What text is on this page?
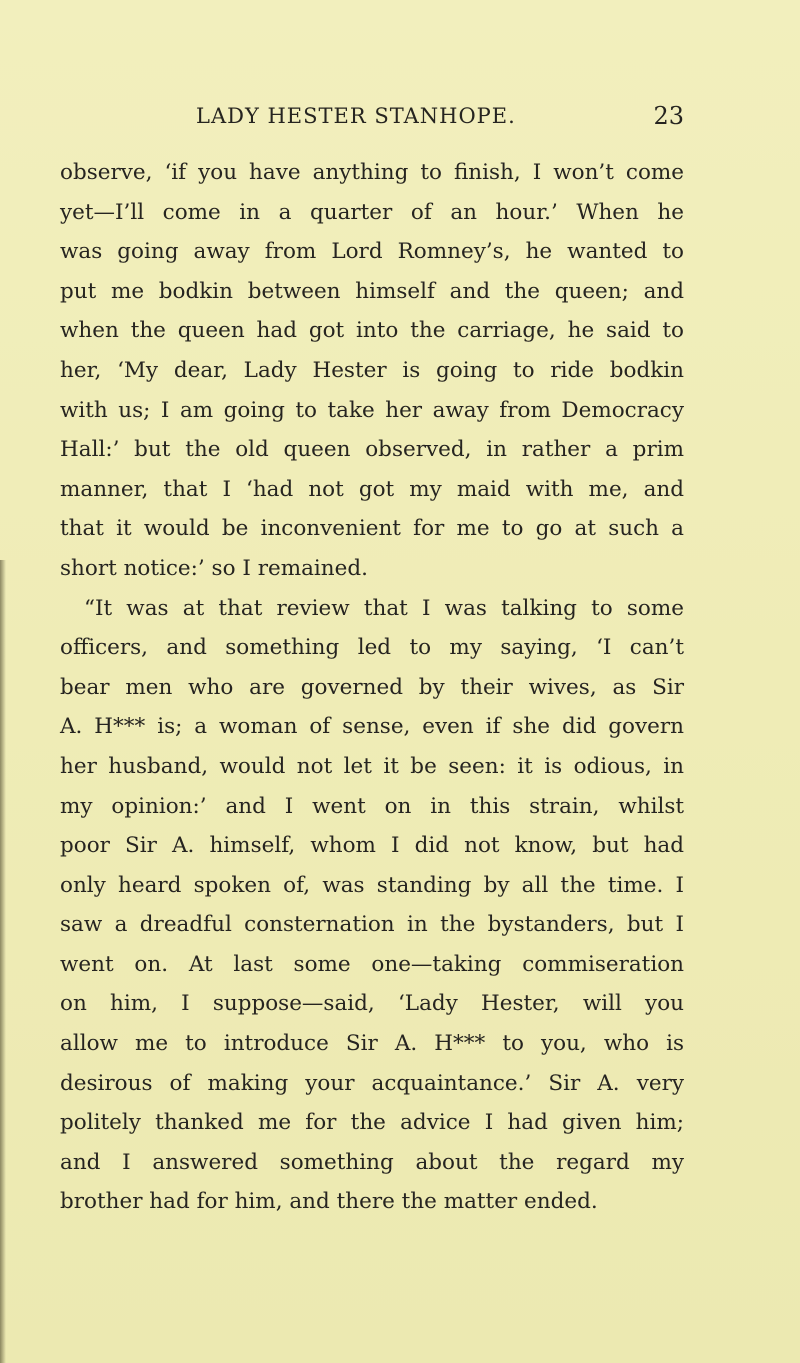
LADY HESTER STANHOPE.	23
observe, ‘if you have anything to finish, I won’t come
yet—I’ll come in a quarter of an hour.’ When he
was going away from Lord Romney’s, he wanted to
put me bodkin between himself and the queen; and
when the queen had got into the carriage, he said to
her, ‘My dear, Lady Hester is going to ride bodkin
with us; I am going to take her away from Democracy
Hall:’ but the old queen observed, in rather a prim
manner, that I ‘had not got my maid with me, and
that it would be inconvenient for me to go at such a
short notice:’ so I remained.
“It was at that review that I was talking to some
officers, and something led to my saying, ‘I can’t
bear men who are governed by their wives, as Sir
A. H*** is; a woman of sense, even if she did govern
her husband, would not let it be seen: it is odious, in
my opinion:’ and I went on in this strain, whilst
poor Sir A. himself, whom I did not know, but had
only heard spoken of, was standing by all the time. I
saw a dreadful consternation in the bystanders, but I
went on. At last some one—taking commiseration
on him, I suppose—said, ‘Lady Hester, will you
allow me to introduce Sir A. H*** to you, who is
desirous of making your acquaintance.’ Sir A. very
politely thanked me for the advice I had given him;
and I answered something about the regard my
brother had for him, and there the matter ended.
